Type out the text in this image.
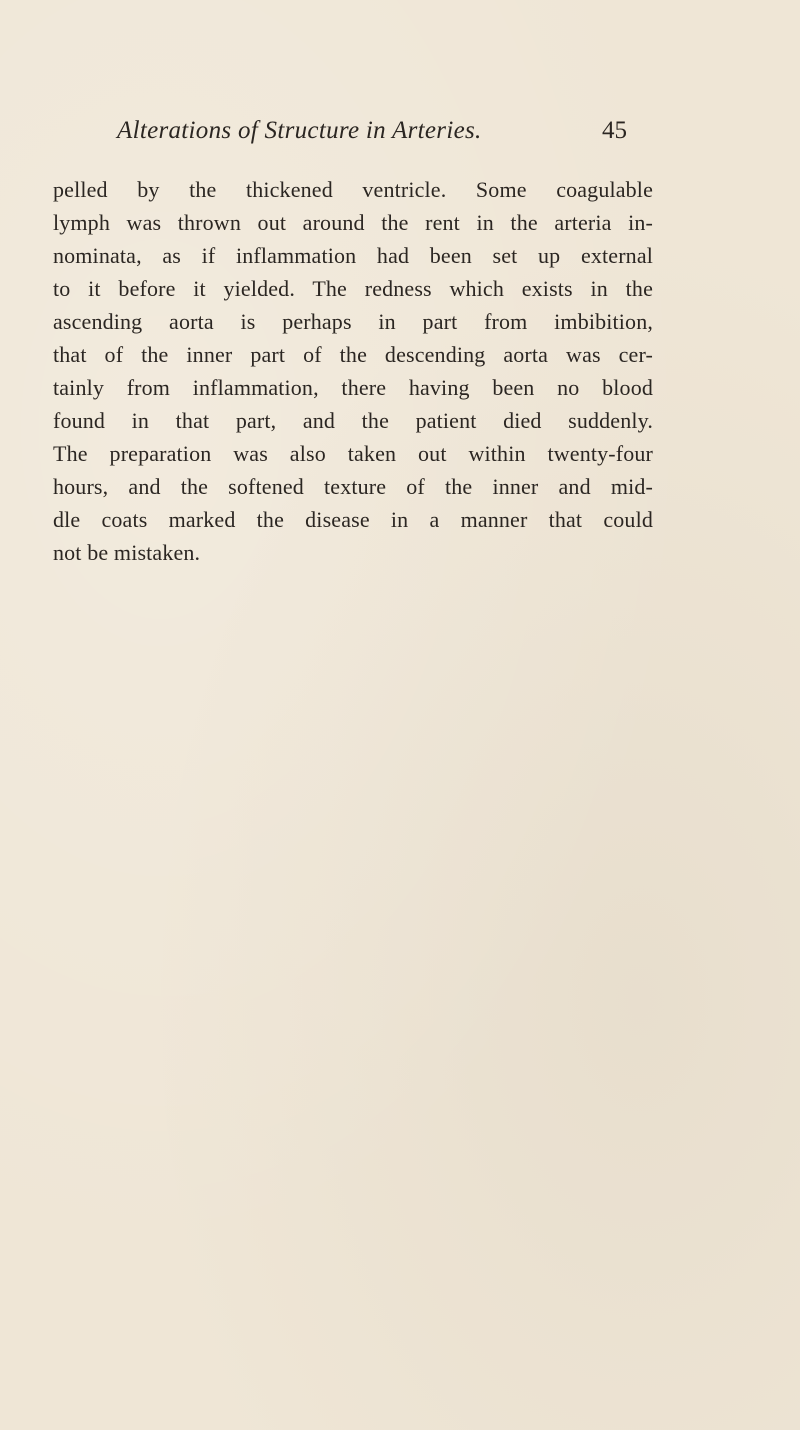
Alterations of Structure in Arteries.	45
pelled by the thickened ventricle. Some coagulable
lymph was thrown out around the rent in the arteria in-
nominata, as if inflammation had been set up external
to it before it yielded. The redness which exists in the
ascending aorta is perhaps in part from imbibition,
that of the inner part of the descending aorta was cer-
tainly from inflammation, there having been no blood
found in that part, and the patient died suddenly.
The preparation was also taken out within twenty-four
hours, and the softened texture of the inner and mid-
dle coats marked the disease in a manner that could
not be mistaken.
